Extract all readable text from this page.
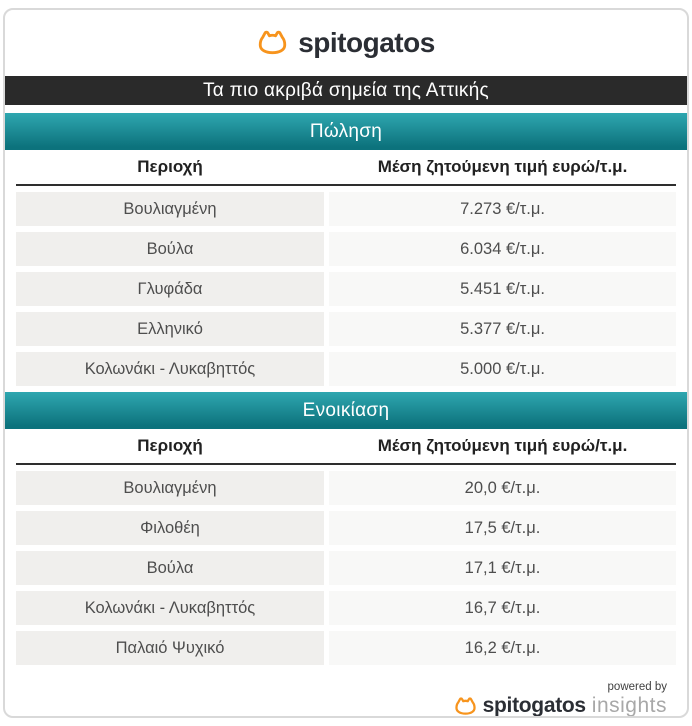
spitogatos
Τα πιο ακριβά σημεία της Αττικής
Πώληση
Περιοχή	Μέση ζητούμενη τιμή ευρώ/τ.μ.
Βουλιαγμένη	7.273 €/τ.μ.
Βούλα	6.034 €/τ.μ.
Γλυφάδα	5.451 €/τ.μ.
Ελληνικό	5.377 €/τ.μ.
Κολωνάκι - Λυκαβηττός	5.000 €/τ.μ.
Ενοικίαση
Περιοχή	Μέση ζητούμενη τιμή ευρώ/τ.μ.
Βουλιαγμένη	20,0 €/τ.μ.
Φιλοθέη	17,5 €/τ.μ.
Βούλα	17,1 €/τ.μ.
Κολωνάκι - Λυκαβηττός	16,7 €/τ.μ.
Παλαιό Ψυχικό	16,2 €/τ.μ.
powered by
spitogatos insights
